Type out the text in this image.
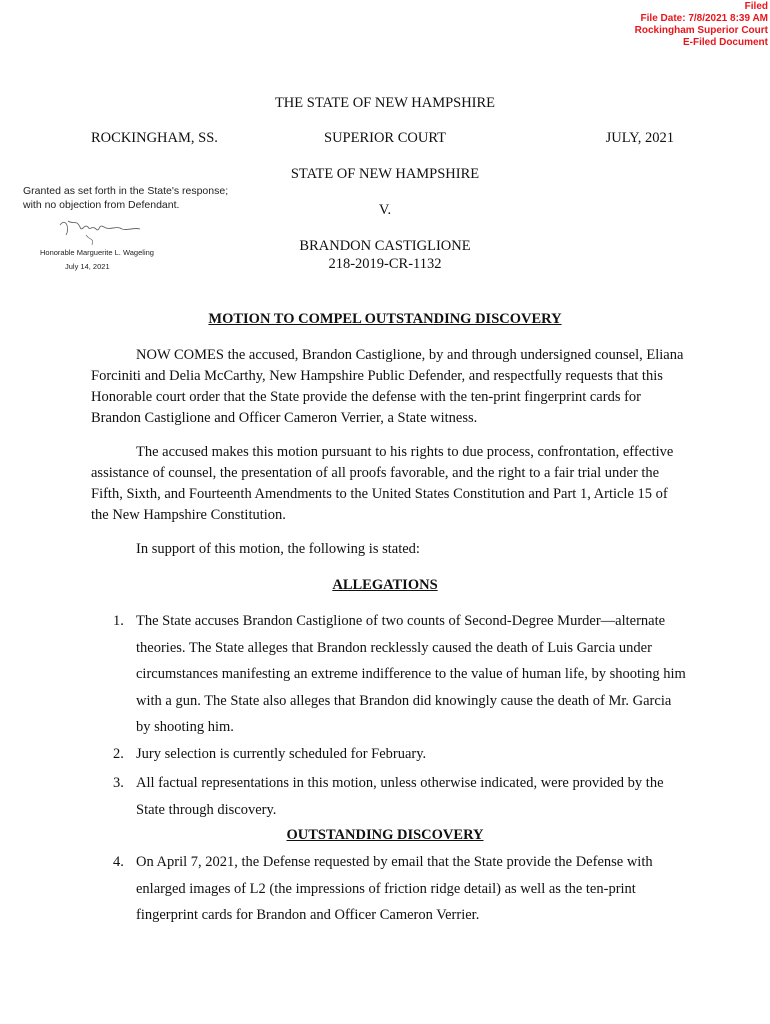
Filed
File Date: 7/8/2021 8:39 AM
Rockingham Superior Court
E-Filed Document
THE STATE OF NEW HAMPSHIRE
ROCKINGHAM, SS.	SUPERIOR COURT	JULY, 2021
STATE OF NEW HAMPSHIRE
V.
BRANDON CASTIGLIONE
218-2019-CR-1132
Granted as set forth in the State's response;
with no objection from Defendant.
Honorable Marguerite L. Wageling
July 14, 2021
MOTION TO COMPEL OUTSTANDING DISCOVERY
NOW COMES the accused, Brandon Castiglione, by and through undersigned counsel, Eliana Forciniti and Delia McCarthy, New Hampshire Public Defender, and respectfully requests that this Honorable court order that the State provide the defense with the ten-print fingerprint cards for Brandon Castiglione and Officer Cameron Verrier, a State witness.
The accused makes this motion pursuant to his rights to due process, confrontation, effective assistance of counsel, the presentation of all proofs favorable, and the right to a fair trial under the Fifth, Sixth, and Fourteenth Amendments to the United States Constitution and Part 1, Article 15 of the New Hampshire Constitution.
In support of this motion, the following is stated:
ALLEGATIONS
1. The State accuses Brandon Castiglione of two counts of Second-Degree Murder—alternate theories. The State alleges that Brandon recklessly caused the death of Luis Garcia under circumstances manifesting an extreme indifference to the value of human life, by shooting him with a gun. The State also alleges that Brandon did knowingly cause the death of Mr. Garcia by shooting him.
2. Jury selection is currently scheduled for February.
3. All factual representations in this motion, unless otherwise indicated, were provided by the State through discovery.
OUTSTANDING DISCOVERY
4. On April 7, 2021, the Defense requested by email that the State provide the Defense with enlarged images of L2 (the impressions of friction ridge detail) as well as the ten-print fingerprint cards for Brandon and Officer Cameron Verrier.
